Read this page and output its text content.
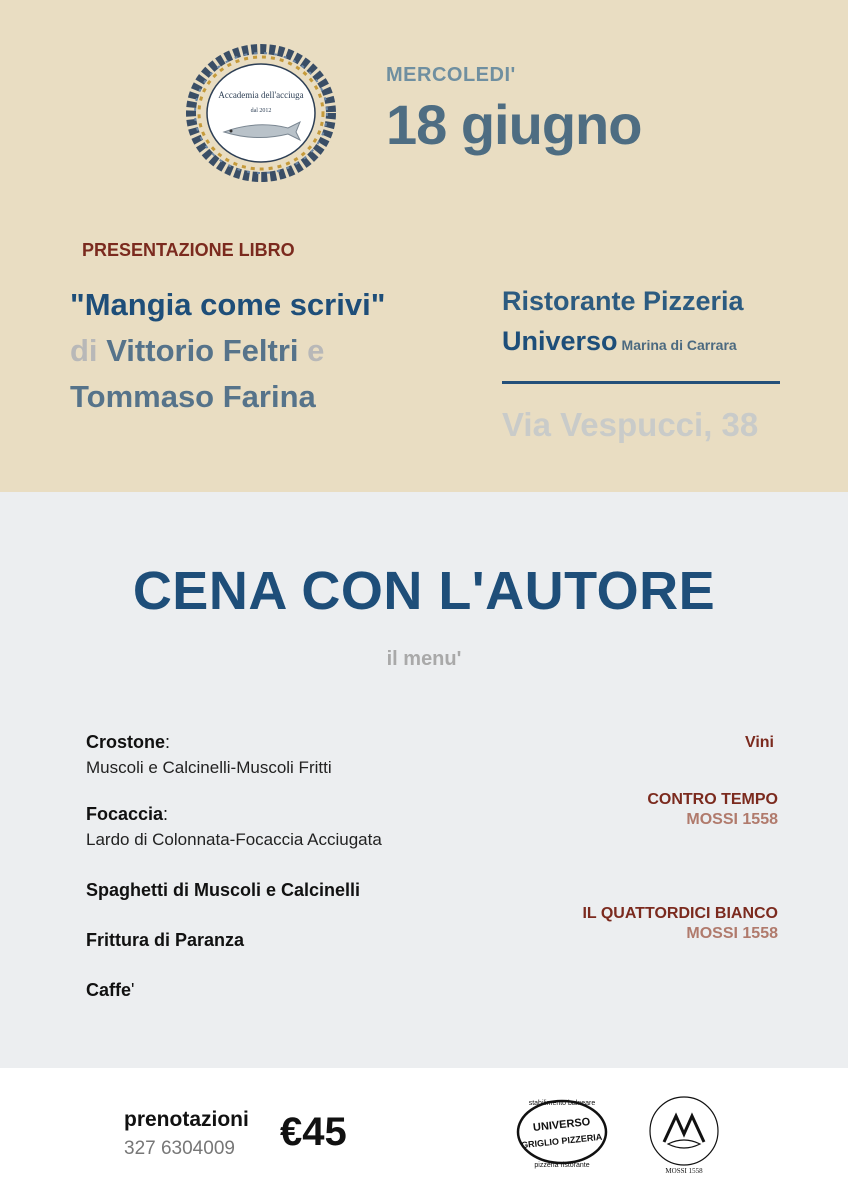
Accademia dell'acciuga
dal 2012
MERCOLEDI'
18 giugno
PRESENTAZIONE LIBRO
"Mangia come scrivi" di Vittorio Feltri e Tommaso Farina
Ristorante Pizzeria
Universo Marina di Carrara
Via Vespucci, 38
CENA CON L'AUTORE
il menu'
Crostone:
Muscoli e Calcinelli-Muscoli Fritti
Focaccia:
Lardo di Colonnata-Focaccia Acciugata
Spaghetti di Muscoli e Calcinelli
Frittura di Paranza
Caffe'
Vini
CONTRO TEMPO
MOSSI 1558
IL QUATTORDICI BIANCO
MOSSI 1558
prenotazioni
327 6304009 €45
stabilimento balneare
UNIVERSO
GRIGLIO PIZZERIA
pizzeria ristorante
MOSSI 1558
